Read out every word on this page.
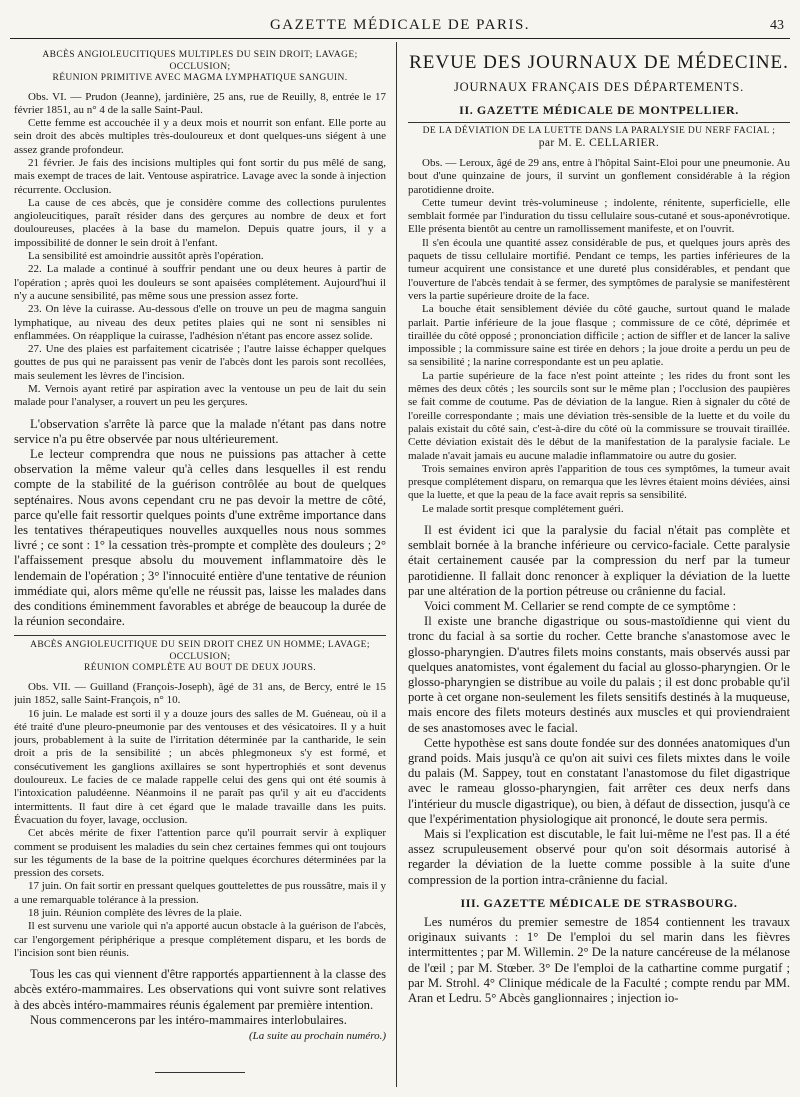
GAZETTE MÉDICALE DE PARIS.	43
ABCÈS ANGIOLEUCITIQUES MULTIPLES DU SEIN DROIT; LAVAGE; OCCLUSION;
RÉUNION PRIMITIVE AVEC MAGMA LYMPHATIQUE SANGUIN.

Obs. VI. — Prudon (Jeanne), jardinière, 25 ans, rue de Reuilly, 8, entrée le 17 février 1851, au n° 4 de la salle Saint-Paul.

Cette femme est accouchée il y a deux mois et nourrit son enfant. Elle porte au sein droit des abcès multiples très-douloureux et dont quelques-uns siégent à une assez grande profondeur.

21 février. Je fais des incisions multiples qui font sortir du pus mêlé de sang, mais exempt de traces de lait. Ventouse aspiratrice. Lavage avec la sonde à injection récurrente. Occlusion.

La cause de ces abcès, que je considère comme des collections purulentes angioleucitiques, paraît résider dans des gerçures au nombre de deux et fort douloureuses, placées à la base du mamelon. Depuis quatre jours, il y a impossibilité de donner le sein droit à l'enfant.

La sensibilité est amoindrie aussitôt après l'opération.

22. La malade a continué à souffrir pendant une ou deux heures à partir de l'opération ; après quoi les douleurs se sont apaisées complétement. Aujourd'hui il n'y a aucune sensibilité, pas même sous une pression assez forte.

23. On lève la cuirasse. Au-dessous d'elle on trouve un peu de magma sanguin lymphatique, au niveau des deux petites plaies qui ne sont ni sensibles ni enflammées. On réapplique la cuirasse, l'adhésion n'étant pas encore assez solide.

27. Une des plaies est parfaitement cicatrisée ; l'autre laisse échapper quelques gouttes de pus qui ne paraissent pas venir de l'abcès dont les parois sont recollées, mais seulement les lèvres de l'incision.

M. Vernois ayant retiré par aspiration avec la ventouse un peu de lait du sein malade pour l'analyser, a rouvert un peu les gerçures.

L'observation s'arrête là parce que la malade n'étant pas dans notre service n'a pu être observée par nous ultérieurement.

Le lecteur comprendra que nous ne puissions pas attacher à cette observation la même valeur qu'à celles dans lesquelles il est rendu compte de la stabilité de la guérison contrôlée au bout de quelques septénaires. Nous avons cependant cru ne pas devoir la mettre de côté, parce qu'elle fait ressortir quelques points d'une extrême importance dans les tentatives thérapeutiques nouvelles auxquelles nous nous sommes livré ; ce sont : 1° la cessation très-prompte et complète des douleurs ; 2° l'affaissement presque absolu du mouvement inflammatoire dès le lendemain de l'opération ; 3° l'innocuité entière d'une tentative de réunion immédiate qui, alors même qu'elle ne réussit pas, laisse les malades dans des conditions éminemment favorables et abrége de beaucoup la durée de la réunion secondaire.

ABCÈS ANGIOLEUCITIQUE DU SEIN DROIT CHEZ UN HOMME; LAVAGE; OCCLUSION;
RÉUNION COMPLÈTE AU BOUT DE DEUX JOURS.

Obs. VII. — Guilland (François-Joseph), âgé de 31 ans, de Bercy, entré le 15 juin 1852, salle Saint-François, n° 10.

16 juin. Le malade est sorti il y a douze jours des salles de M. Guéneau, où il a été traité d'une pleuro-pneumonie par des ventouses et des vésicatoires. Il y a huit jours, probablement à la suite de l'irritation déterminée par la cantharide, le sein droit a pris de la sensibilité ; un abcès phlegmoneux s'y est formé, et consécutivement les ganglions axillaires se sont hypertrophiés et sont devenus douloureux. Le facies de ce malade rappelle celui des gens qui ont été soumis à l'intoxication paludéenne. Néanmoins il ne paraît pas qu'il y ait eu d'accidents intermittents. Il faut dire à cet égard que le malade travaille dans les puits. Évacuation du foyer, lavage, occlusion.

Cet abcès mérite de fixer l'attention parce qu'il pourrait servir à expliquer comment se produisent les maladies du sein chez certaines femmes qui ont toujours sur les téguments de la base de la poitrine quelques écorchures déterminées par la pression des corsets.

17 juin. On fait sortir en pressant quelques gouttelettes de pus roussâtre, mais il y a une remarquable tolérance à la pression.

18 juin. Réunion complète des lèvres de la plaie.

Il est survenu une variole qui n'a apporté aucun obstacle à la guérison de l'abcès, car l'engorgement périphérique a presque complétement disparu, et les bords de l'incision sont bien réunis.

Tous les cas qui viennent d'être rapportés appartiennent à la classe des abcès extéro-mammaires. Les observations qui vont suivre sont relatives à des abcès intéro-mammaires réunis également par première intention.

Nous commencerons par les intéro-mammaires interlobulaires.

(La suite au prochain numéro.)
REVUE DES JOURNAUX DE MÉDECINE.
JOURNAUX FRANÇAIS DES DÉPARTEMENTS.
II. GAZETTE MÉDICALE DE MONTPELLIER.
DE LA DÉVIATION DE LA LUETTE DANS LA PARALYSIE DU NERF FACIAL ;
par M. E. CELLARIER.

Obs. — Leroux, âgé de 29 ans, entre à l'hôpital Saint-Eloi pour une pneumonie. Au bout d'une quinzaine de jours, il survint un gonflement considérable à la région parotidienne droite.

Cette tumeur devint très-volumineuse ; indolente, rénitente, superficielle, elle semblait formée par l'induration du tissu cellulaire sous-cutané et sous-aponévrotique. Elle présenta bientôt au centre un ramollissement manifeste, et on l'ouvrit.

Il s'en écoula une quantité assez considérable de pus, et quelques jours après des paquets de tissu cellulaire mortifié. Pendant ce temps, les parties inférieures de la tumeur acquirent une consistance et une dureté plus considérables, et pendant que l'ouverture de l'abcès tendait à se fermer, des symptômes de paralysie se manifestèrent vers la partie supérieure droite de la face.

La bouche était sensiblement déviée du côté gauche, surtout quand le malade parlait. Partie inférieure de la joue flasque ; commissure de ce côté, déprimée et tiraillée du côté opposé ; prononciation difficile ; action de siffler et de lancer la salive impossible ; la commissure saine est tirée en dehors ; la joue droite a perdu un peu de sa sensibilité ; la narine correspondante est un peu aplatie.

La partie supérieure de la face n'est point atteinte ; les rides du front sont les mêmes des deux côtés ; les sourcils sont sur le même plan ; l'occlusion des paupières se fait comme de coutume. Pas de déviation de la langue. Rien à signaler du côté de l'oreille correspondante ; mais une déviation très-sensible de la luette et du voile du palais existait du côté sain, c'est-à-dire du côté où la commissure se trouvait tiraillée. Cette déviation existait dès le début de la manifestation de la paralysie faciale. Le malade n'avait jamais eu aucune maladie inflammatoire ou autre du gosier.

Trois semaines environ après l'apparition de tous ces symptômes, la tumeur avait presque complétement disparu, on remarqua que les lèvres étaient moins déviées, ainsi que la luette, et que la peau de la face avait repris sa sensibilité.

Le malade sortit presque complétement guéri.

Il est évident ici que la paralysie du facial n'était pas complète et semblait bornée à la branche inférieure ou cervico-faciale. Cette paralysie était certainement causée par la compression du nerf par la tumeur parotidienne. Il fallait donc renoncer à expliquer la déviation de la luette par une altération de la portion pétreuse ou crânienne du facial.

Voici comment M. Cellarier se rend compte de ce symptôme :

Il existe une branche digastrique ou sous-mastoïdienne qui vient du tronc du facial à sa sortie du rocher. Cette branche s'anastomose avec le glosso-pharyngien. D'autres filets moins constants, mais observés aussi par quelques anatomistes, vont également du facial au glosso-pharyngien. Or le glosso-pharyngien se distribue au voile du palais ; il est donc probable qu'il porte à cet organe non-seulement les filets sensitifs destinés à la muqueuse, mais encore des filets moteurs destinés aux muscles et qui proviendraient de ses anastomoses avec le facial.

Cette hypothèse est sans doute fondée sur des données anatomiques d'un grand poids. Mais jusqu'à ce qu'on ait suivi ces filets mixtes dans le voile du palais (M. Sappey, tout en constatant l'anastomose du filet digastrique avec le rameau glosso-pharyngien, fait arrêter ces deux nerfs dans l'intérieur du muscle digastrique), ou bien, à défaut de dissection, jusqu'à ce que l'expérimentation physiologique ait prononcé, le doute sera permis.

Mais si l'explication est discutable, le fait lui-même ne l'est pas. Il a été assez scrupuleusement observé pour qu'on soit désormais autorisé à regarder la déviation de la luette comme possible à la suite d'une compression de la portion intra-crânienne du facial.

III. GAZETTE MÉDICALE DE STRASBOURG.

Les numéros du premier semestre de 1854 contiennent les travaux originaux suivants : 1° De l'emploi du sel marin dans les fièvres intermittentes ; par M. Willemin. 2° De la nature cancéreuse de la mélanose de l'œil ; par M. Stœber. 3° De l'emploi de la cathartine comme purgatif ; par M. Strohl. 4° Clinique médicale de la Faculté ; compte rendu par MM. Aran et Ledru. 5° Abcès ganglionnaires ; injection io-
